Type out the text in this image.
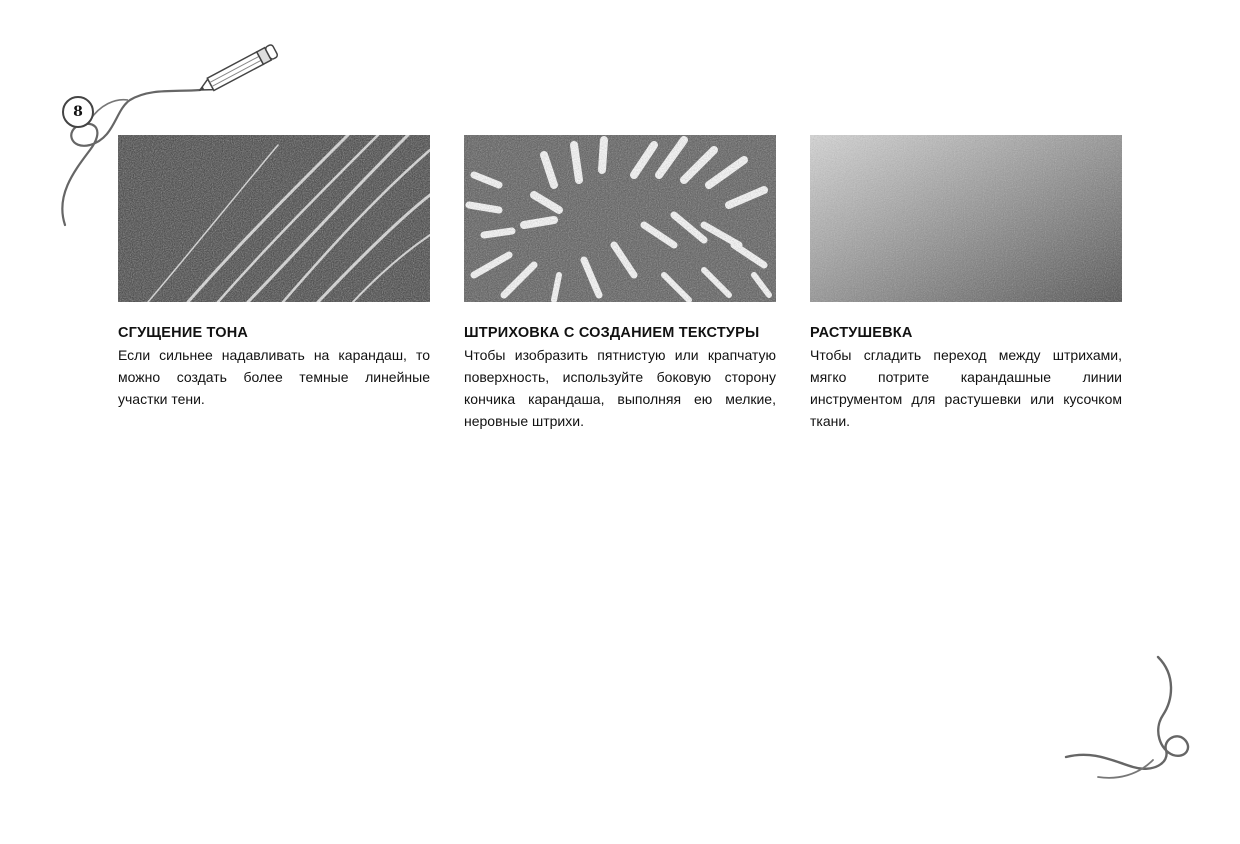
8
СГУЩЕНИЕ ТОНА

Если сильнее надавливать на карандаш, то можно создать более темные линейные участки тени.

ШТРИХОВКА С СОЗДАНИЕМ ТЕКСТУРЫ

Чтобы изобразить пятнистую или крапчатую поверхность, используйте боковую сторону кончика карандаша, выполняя ею мелкие, неровные штрихи.

РАСТУШЕВКА

Чтобы сгладить переход между штрихами, мягко потрите карандашные линии инструментом для растушевки или кусочком ткани.
